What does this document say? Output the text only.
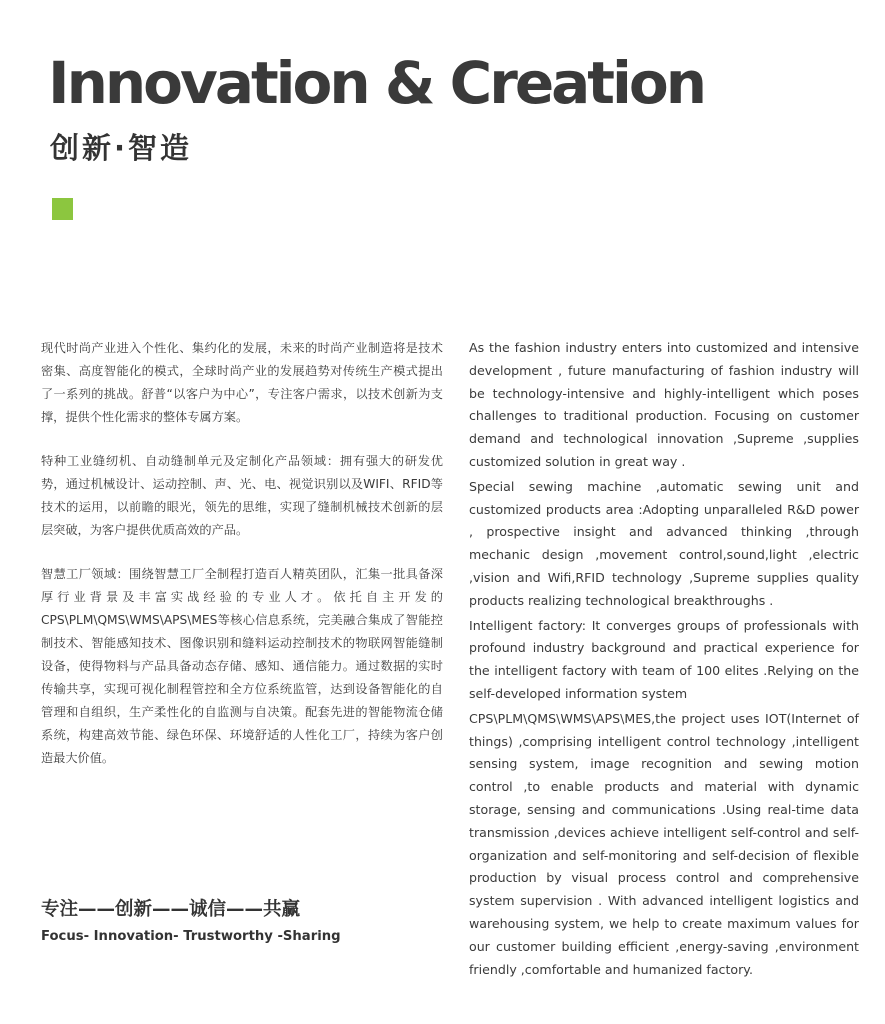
Innovation & Creation
创新·智造

现代时尚产业进入个性化、集约化的发展，未来的时尚产业制造将是技术密集、高度智能化的模式，全球时尚产业的发展趋势对传统生产模式提出了一系列的挑战。舒普“以客户为中心”，专注客户需求，以技术创新为支撑，提供个性化需求的整体专属方案。

特种工业缝纫机、自动缝制单元及定制化产品领域：拥有强大的研发优势，通过机械设计、运动控制、声、光、电、视觉识别以及WIFI、RFID等技术的运用，以前瞻的眼光，领先的思维，实现了缝制机械技术创新的层层突破，为客户提供优质高效的产品。

智慧工厂领域：围绕智慧工厂全制程打造百人精英团队，汇集一批具备深厚行业背景及丰富实战经验的专业人才。依托自主开发的CPS\PLM\QMS\WMS\APS\MES等核心信息系统，完美融合集成了智能控制技术、智能感知技术、图像识别和缝料运动控制技术的物联网智能缝制设备，使得物料与产品具备动态存储、感知、通信能力。通过数据的实时传输共享，实现可视化制程管控和全方位系统监管，达到设备智能化的自管理和自组织，生产柔性化的自监测与自决策。配套先进的智能物流仓储系统，构建高效节能、绿色环保、环境舒适的人性化工厂，持续为客户创造最大价值。

As the fashion industry enters into customized and intensive development , future manufacturing of fashion industry will be technology-intensive and highly-intelligent which poses challenges to traditional production. Focusing on customer demand and technological innovation ,Supreme ,supplies customized solution in great way .

Special sewing machine ,automatic sewing unit and customized products area :Adopting unparalleled R&D power , prospective insight and advanced thinking ,through mechanic design ,movement control,sound,light ,electric ,vision and Wifi,RFID technology ,Supreme supplies quality products realizing technological breakthroughs .

Intelligent factory: It converges groups of professionals with profound industry background and practical experience for the intelligent factory with team of 100 elites .Relying on the self-developed information system

CPS\PLM\QMS\WMS\APS\MES,the project uses IOT(Internet of things) ,comprising intelligent control technology ,intelligent sensing system, image recognition and sewing motion control ,to enable products and material with dynamic storage, sensing and communications .Using real-time data transmission ,devices achieve intelligent self-control and self-organization and self-monitoring and self-decision of flexible production by visual process control and comprehensive system supervision . With advanced intelligent logistics and warehousing system, we help to create maximum values for our customer building efficient ,energy-saving ,environment friendly ,comfortable and humanized factory.

专注——创新——诚信——共赢
Focus- Innovation- Trustworthy -Sharing
